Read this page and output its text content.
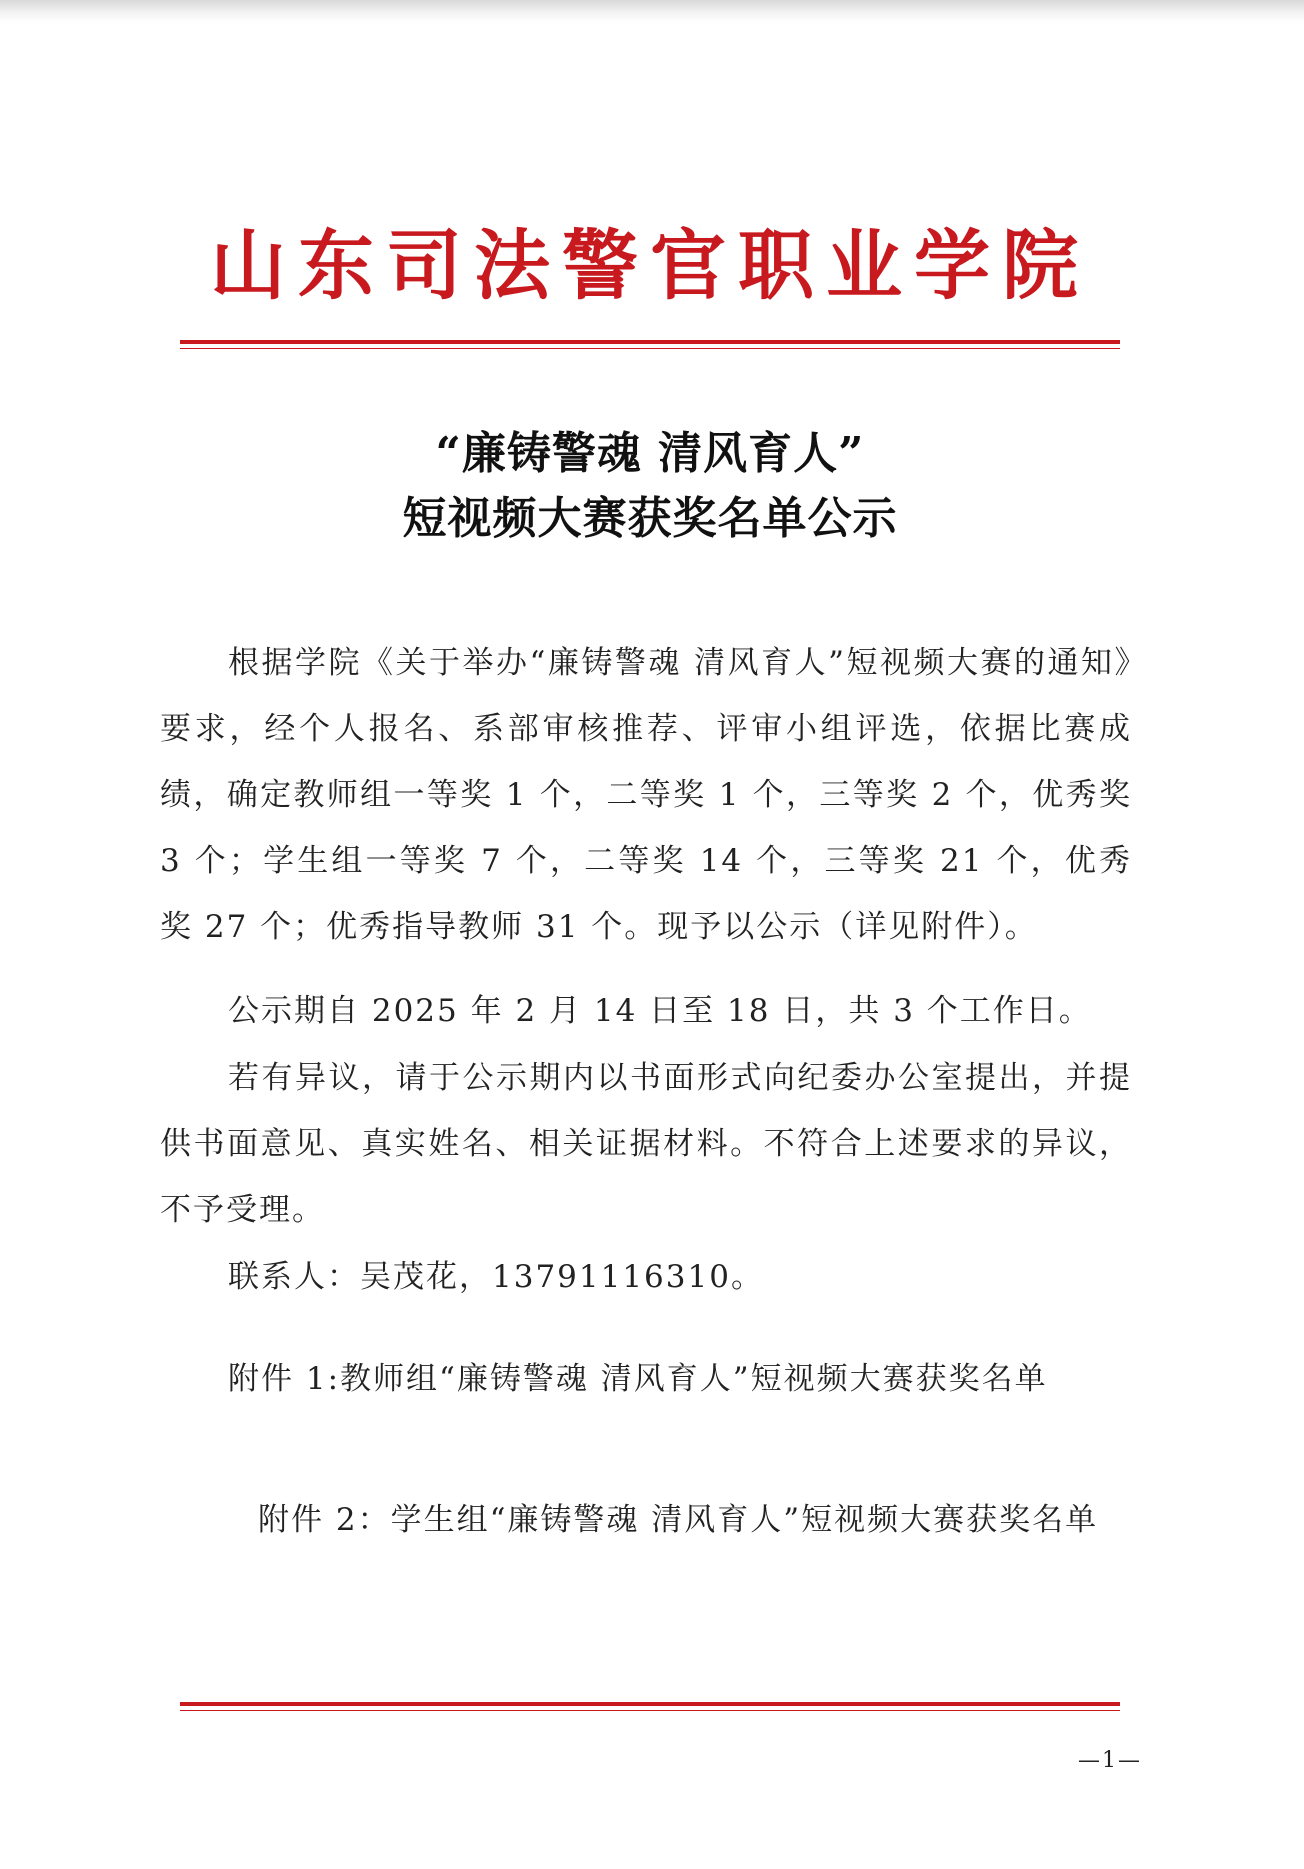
山东司法警官职业学院
“廉铸警魂 清风育人”
短视频大赛获奖名单公示

根据学院《关于举办“廉铸警魂 清风育人”短视频大赛的通知》要求，经个人报名、系部审核推荐、评审小组评选，依据比赛成绩，确定教师组一等奖 1 个，二等奖 1 个，三等奖 2 个，优秀奖 3 个；学生组一等奖 7 个，二等奖 14 个，三等奖 21 个，优秀奖 27 个；优秀指导教师 31 个。现予以公示（详见附件）。

公示期自 2025 年 2 月 14 日至 18 日，共 3 个工作日。

若有异议，请于公示期内以书面形式向纪委办公室提出，并提供书面意见、真实姓名、相关证据材料。不符合上述要求的异议，不予受理。

联系人：吴茂花，13791116310。

附件 1:教师组“廉铸警魂 清风育人”短视频大赛获奖名单

附件 2：学生组“廉铸警魂 清风育人”短视频大赛获奖名单

—1—
